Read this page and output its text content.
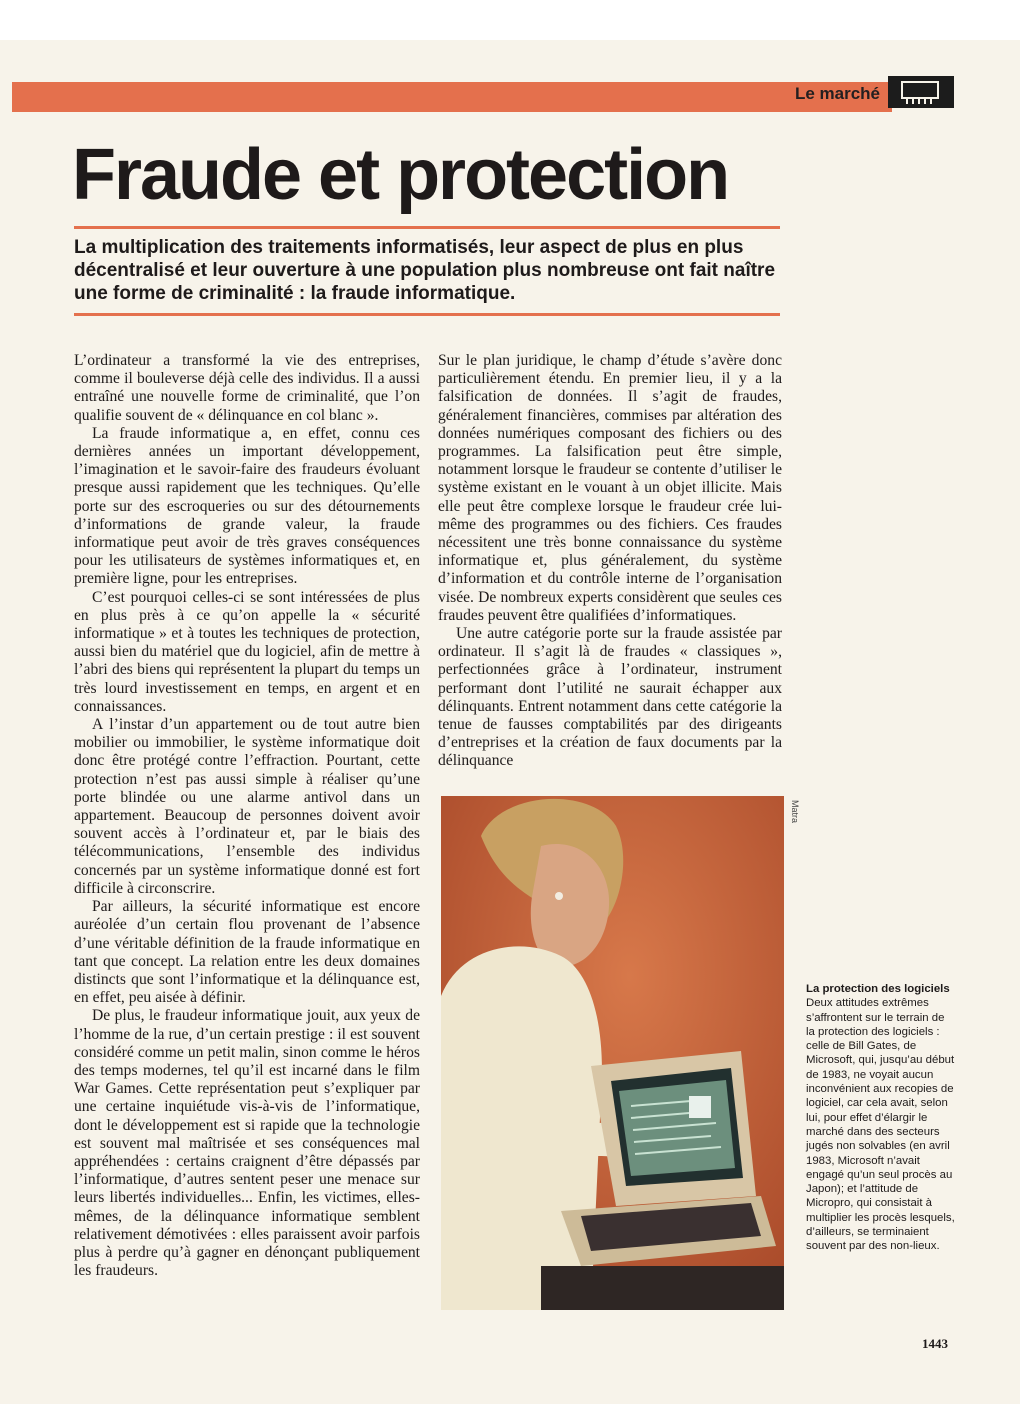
Le marché
Fraude et protection

La multiplication des traitements informatisés, leur aspect de plus en plus décentralisé et leur ouverture à une population plus nombreuse ont fait naître une forme de criminalité : la fraude informatique.

L’ordinateur a transformé la vie des entreprises, comme il bouleverse déjà celle des individus. Il a aussi entraîné une nouvelle forme de criminalité, que l’on qualifie souvent de « délinquance en col blanc ».

La fraude informatique a, en effet, connu ces dernières années un important développement, l’imagination et le savoir-faire des fraudeurs évoluant presque aussi rapidement que les techniques. Qu’elle porte sur des escroqueries ou sur des détournements d’informations de grande valeur, la fraude informatique peut avoir de très graves conséquences pour les utilisateurs de systèmes informatiques et, en première ligne, pour les entreprises.

C’est pourquoi celles-ci se sont intéressées de plus en plus près à ce qu’on appelle la « sécurité informatique » et à toutes les techniques de protection, aussi bien du matériel que du logiciel, afin de mettre à l’abri des biens qui représentent la plupart du temps un très lourd investissement en temps, en argent et en connaissances.

A l’instar d’un appartement ou de tout autre bien mobilier ou immobilier, le système informatique doit donc être protégé contre l’effraction. Pourtant, cette protection n’est pas aussi simple à réaliser qu’une porte blindée ou une alarme antivol dans un appartement. Beaucoup de personnes doivent avoir souvent accès à l’ordinateur et, par le biais des télécommunications, l’ensemble des individus concernés par un système informatique donné est fort difficile à circonscrire.

Par ailleurs, la sécurité informatique est encore auréolée d’un certain flou provenant de l’absence d’une véritable définition de la fraude informatique en tant que concept. La relation entre les deux domaines distincts que sont l’informatique et la délinquance est, en effet, peu aisée à définir.

De plus, le fraudeur informatique jouit, aux yeux de l’homme de la rue, d’un certain prestige : il est souvent considéré comme un petit malin, sinon comme le héros des temps modernes, tel qu’il est incarné dans le film War Games. Cette représentation peut s’expliquer par une certaine inquiétude vis-à-vis de l’informatique, dont le développement est si rapide que la technologie est souvent mal maîtrisée et ses conséquences mal appréhendées : certains craignent d’être dépassés par l’informatique, d’autres sentent peser une menace sur leurs libertés individuelles... Enfin, les victimes, elles-mêmes, de la délinquance informatique semblent relativement démotivées : elles paraissent avoir parfois plus à perdre qu’à gagner en dénonçant publiquement les fraudeurs.

Sur le plan juridique, le champ d’étude s’avère donc particulièrement étendu. En premier lieu, il y a la falsification de données. Il s’agit de fraudes, généralement financières, commises par altération des données numériques composant des fichiers ou des programmes. La falsification peut être simple, notamment lorsque le fraudeur se contente d’utiliser le système existant en le vouant à un objet illicite. Mais elle peut être complexe lorsque le fraudeur crée lui-même des programmes ou des fichiers. Ces fraudes nécessitent une très bonne connaissance du système informatique et, plus généralement, du système d’information et du contrôle interne de l’organisation visée. De nombreux experts considèrent que seules ces fraudes peuvent être qualifiées d’informatiques.

Une autre catégorie porte sur la fraude assistée par ordinateur. Il s’agit là de fraudes « classiques », perfectionnées grâce à l’ordinateur, instrument performant dont l’utilité ne saurait échapper aux délinquants. Entrent notamment dans cette catégorie la tenue de fausses comptabilités par des dirigeants d’entreprises et la création de faux documents par la délinquance

Matra
La protection des logiciels
Deux attitudes extrêmes s’affrontent sur le terrain de la protection des logiciels : celle de Bill Gates, de Microsoft, qui, jusqu’au début de 1983, ne voyait aucun inconvénient aux recopies de logiciel, car cela avait, selon lui, pour effet d’élargir le marché dans des secteurs jugés non solvables (en avril 1983, Microsoft n’avait engagé qu’un seul procès au Japon); et l’attitude de Micropro, qui consistait à multiplier les procès lesquels, d’ailleurs, se terminaient souvent par des non-lieux.
1443
